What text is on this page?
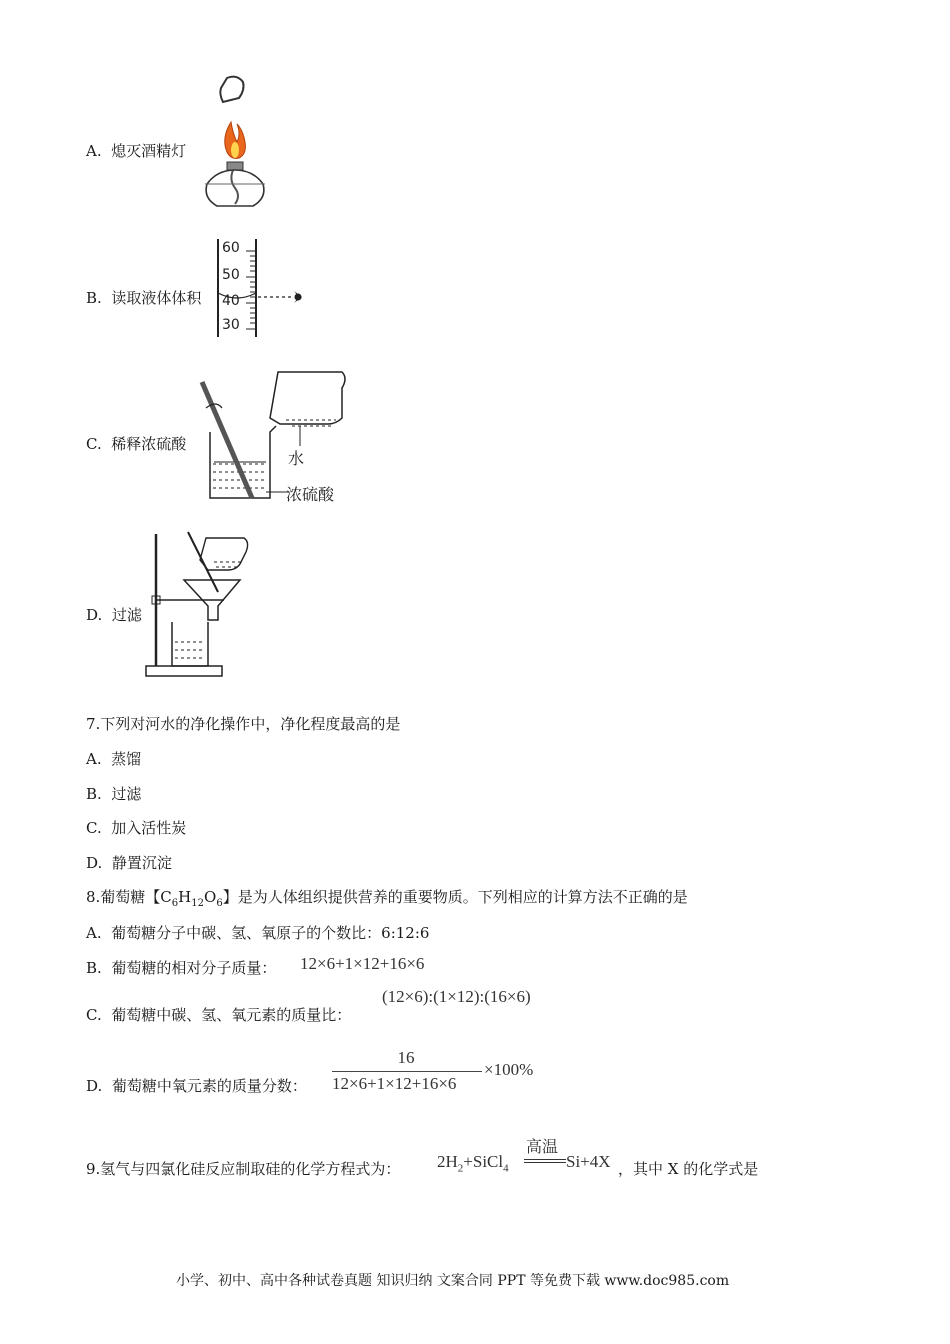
A. 熄灭酒精灯
B. 读取液体体积
60
50
40
30
C. 稀释浓硫酸
水
浓硫酸
D. 过滤
7.下列对河水的净化操作中，净化程度最高的是
A. 蒸馏
B. 过滤
C. 加入活性炭
D. 静置沉淀
8.葡萄糖【$C_6H_{12}O_6$】是为人体组织提供营养的重要物质。下列相应的计算方法不正确的是
A. 葡萄糖分子中碳、氢、氧原子的个数比：6:12:6
B. 葡萄糖的相对分子质量： 12×6+1×12+16×6
C. 葡萄糖中碳、氢、氧元素的质量比：
(12×6):(1×12):(16×6)
D. 葡萄糖中氧元素的质量分数：
16
12×6+1×12+16×6
×100%
9.氢气与四氯化硅反应制取硅的化学方程式为： $2H_2+SiCl_4$
高温
Si+4X ，其中 X 的化学式是
小学、初中、高中各种试卷真题 知识归纳 文案合同 PPT 等免费下载 www.doc985.com
